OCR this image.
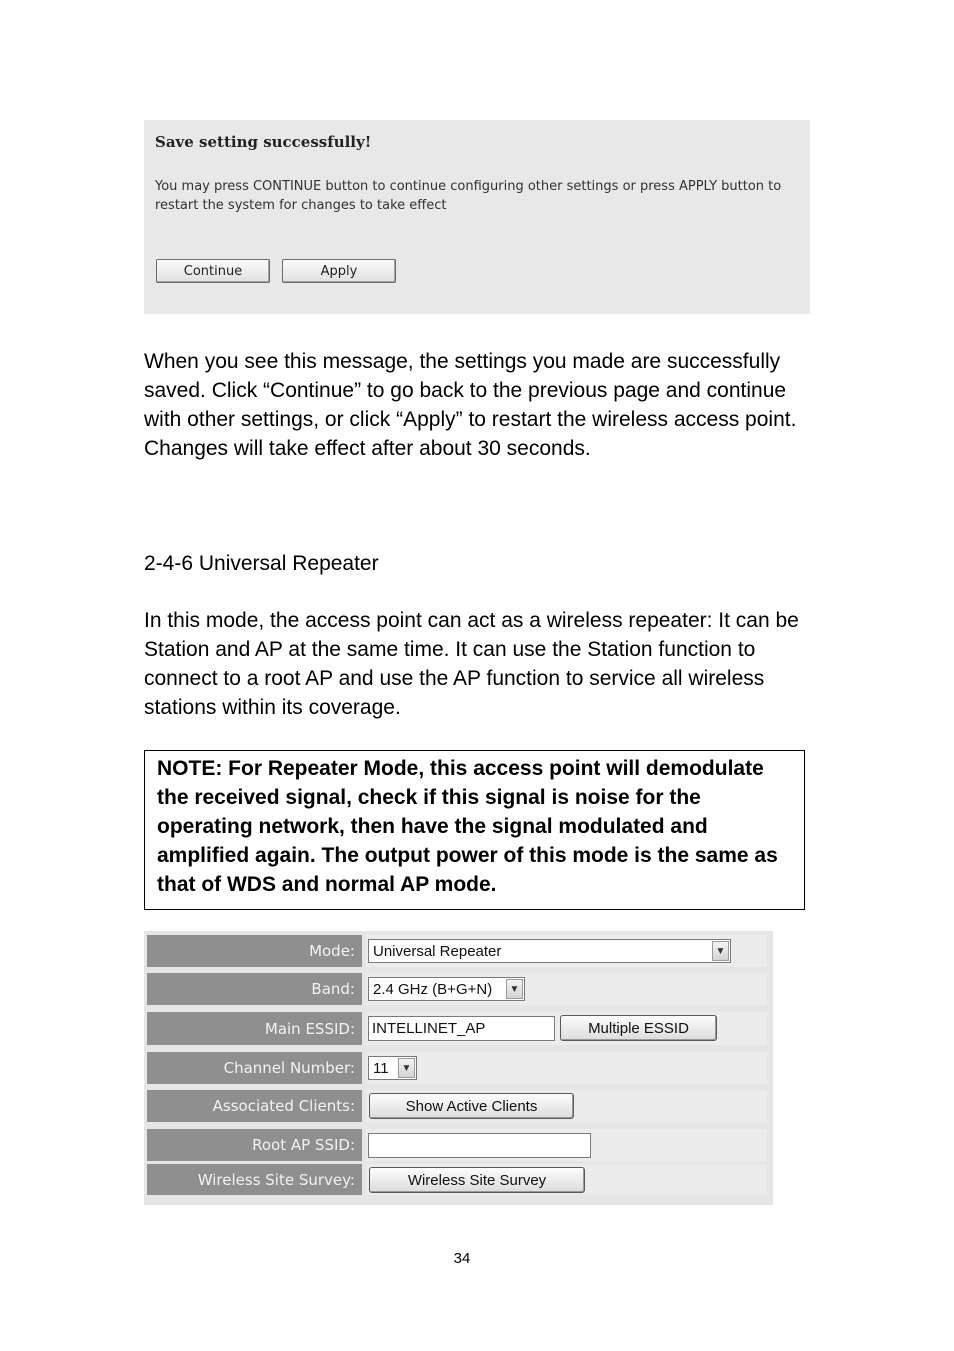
Save setting successfully!
You may press CONTINUE button to continue configuring other settings or press APPLY button to restart the system for changes to take effect
Continue	Apply

When you see this message, the settings you made are successfully saved. Click “Continue” to go back to the previous page and continue with other settings, or click “Apply” to restart the wireless access point. Changes will take effect after about 30 seconds.

2-4-6 Universal Repeater

In this mode, the access point can act as a wireless repeater: It can be Station and AP at the same time. It can use the Station function to connect to a root AP and use the AP function to service all wireless stations within its coverage.

NOTE: For Repeater Mode, this access point will demodulate the received signal, check if this signal is noise for the operating network, then have the signal modulated and amplified again. The output power of this mode is the same as that of WDS and normal AP mode.

Mode:	Universal Repeater	▼
Band:	2.4 GHz (B+G+N)	▼
Main ESSID:
INTELLINET_AP	Multiple ESSID
Channel Number:	11	▼
Associated Clients:	Show Active Clients
Root AP SSID:
Wireless Site Survey:	Wireless Site Survey
34
